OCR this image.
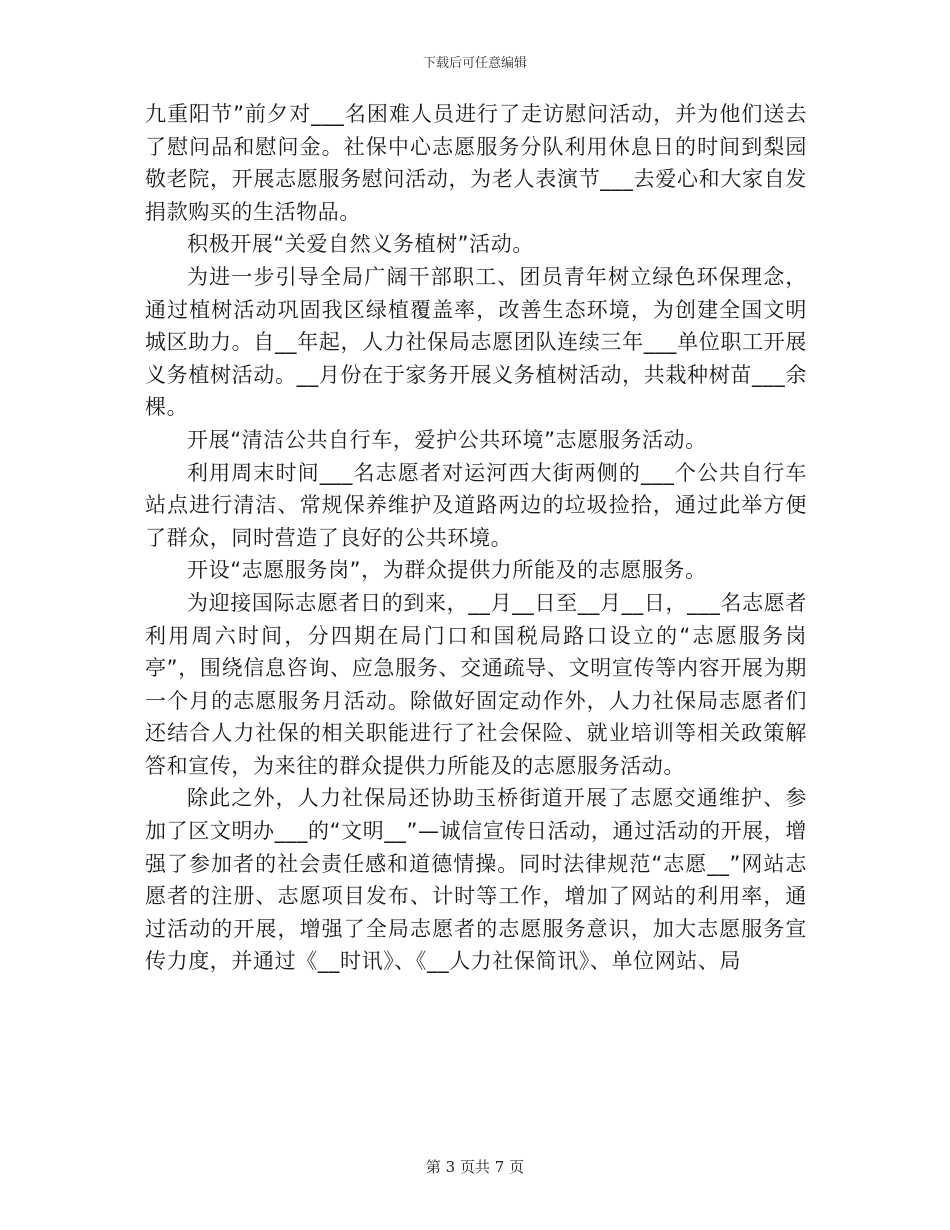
下载后可任意编辑

九重阳节”前夕对___名困难人员进行了走访慰问活动，并为他们送去了慰问品和慰问金。社保中心志愿服务分队利用休息日的时间到梨园敬老院，开展志愿服务慰问活动，为老人表演节___去爱心和大家自发捐款购买的生活物品。

积极开展“关爱自然义务植树”活动。

为进一步引导全局广阔干部职工、团员青年树立绿色环保理念，通过植树活动巩固我区绿植覆盖率，改善生态环境，为创建全国文明城区助力。自__年起，人力社保局志愿团队连续三年___单位职工开展义务植树活动。__月份在于家务开展义务植树活动，共栽种树苗___余棵。

开展“清洁公共自行车，爱护公共环境”志愿服务活动。

利用周末时间___名志愿者对运河西大街两侧的___个公共自行车站点进行清洁、常规保养维护及道路两边的垃圾捡拾，通过此举方便了群众，同时营造了良好的公共环境。

开设“志愿服务岗”，为群众提供力所能及的志愿服务。

为迎接国际志愿者日的到来，__月__日至__月__日，___名志愿者利用周六时间，分四期在局门口和国税局路口设立的“志愿服务岗亭”，围绕信息咨询、应急服务、交通疏导、文明宣传等内容开展为期一个月的志愿服务月活动。除做好固定动作外，人力社保局志愿者们还结合人力社保的相关职能进行了社会保险、就业培训等相关政策解答和宣传，为来往的群众提供力所能及的志愿服务活动。

除此之外，人力社保局还协助玉桥街道开展了志愿交通维护、参加了区文明办___的“文明__”—诚信宣传日活动，通过活动的开展，增强了参加者的社会责任感和道德情操。同时法律规范“志愿__”网站志愿者的注册、志愿项目发布、计时等工作，增加了网站的利用率，通过活动的开展，增强了全局志愿者的志愿服务意识，加大志愿服务宣传力度，并通过《__时讯》、《__人力社保简讯》、单位网站、局

第 3 页共 7 页
